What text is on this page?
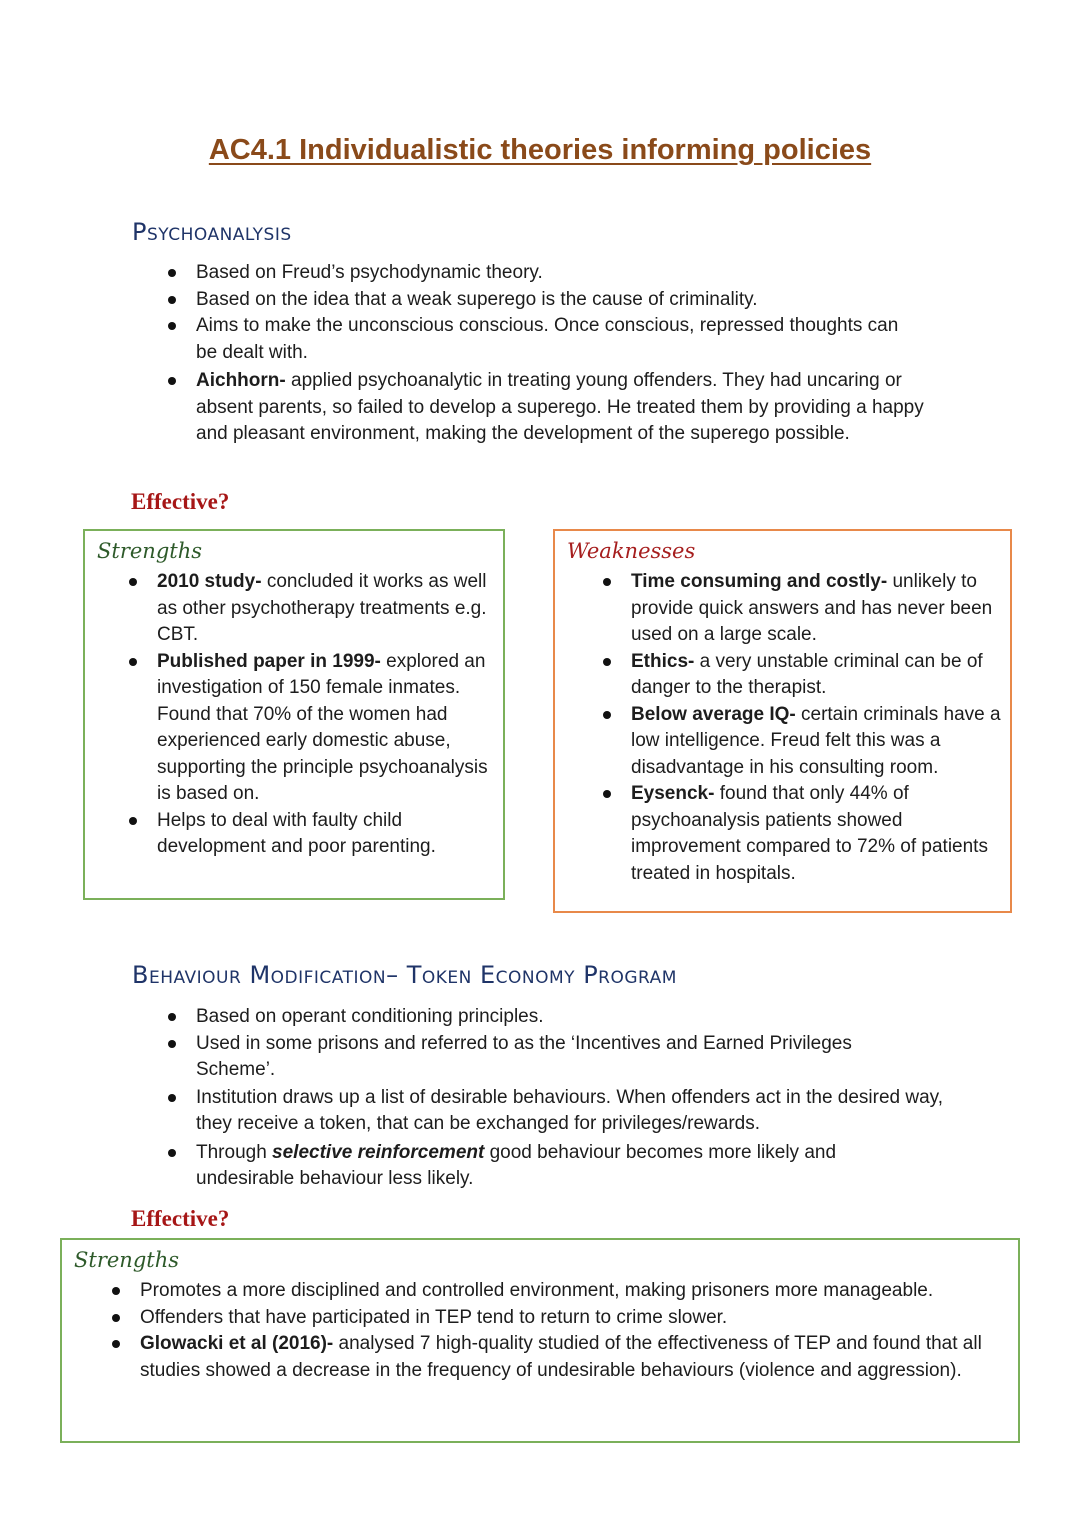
AC4.1 Individualistic theories informing policies
Psychoanalysis
Based on Freud’s psychodynamic theory.
Based on the idea that a weak superego is the cause of criminality.
Aims to make the unconscious conscious. Once conscious, repressed thoughts can be dealt with.
Aichhorn- applied psychoanalytic in treating young offenders. They had uncaring or absent parents, so failed to develop a superego. He treated them by providing a happy and pleasant environment, making the development of the superego possible.
Effective?
Strengths
2010 study- concluded it works as well as other psychotherapy treatments e.g. CBT.
Published paper in 1999- explored an investigation of 150 female inmates. Found that 70% of the women had experienced early domestic abuse, supporting the principle psychoanalysis is based on.
Helps to deal with faulty child development and poor parenting.
Weaknesses
Time consuming and costly- unlikely to provide quick answers and has never been used on a large scale.
Ethics- a very unstable criminal can be of danger to the therapist.
Below average IQ- certain criminals have a low intelligence. Freud felt this was a disadvantage in his consulting room.
Eysenck- found that only 44% of psychoanalysis patients showed improvement compared to 72% of patients treated in hospitals.
Behaviour Modification– Token Economy Program
Based on operant conditioning principles.
Used in some prisons and referred to as the ‘Incentives and Earned Privileges Scheme’.
Institution draws up a list of desirable behaviours. When offenders act in the desired way, they receive a token, that can be exchanged for privileges/rewards.
Through selective reinforcement good behaviour becomes more likely and undesirable behaviour less likely.
Effective?
Strengths
Promotes a more disciplined and controlled environment, making prisoners more manageable.
Offenders that have participated in TEP tend to return to crime slower.
Glowacki et al (2016)- analysed 7 high-quality studied of the effectiveness of TEP and found that all studies showed a decrease in the frequency of undesirable behaviours (violence and aggression).
